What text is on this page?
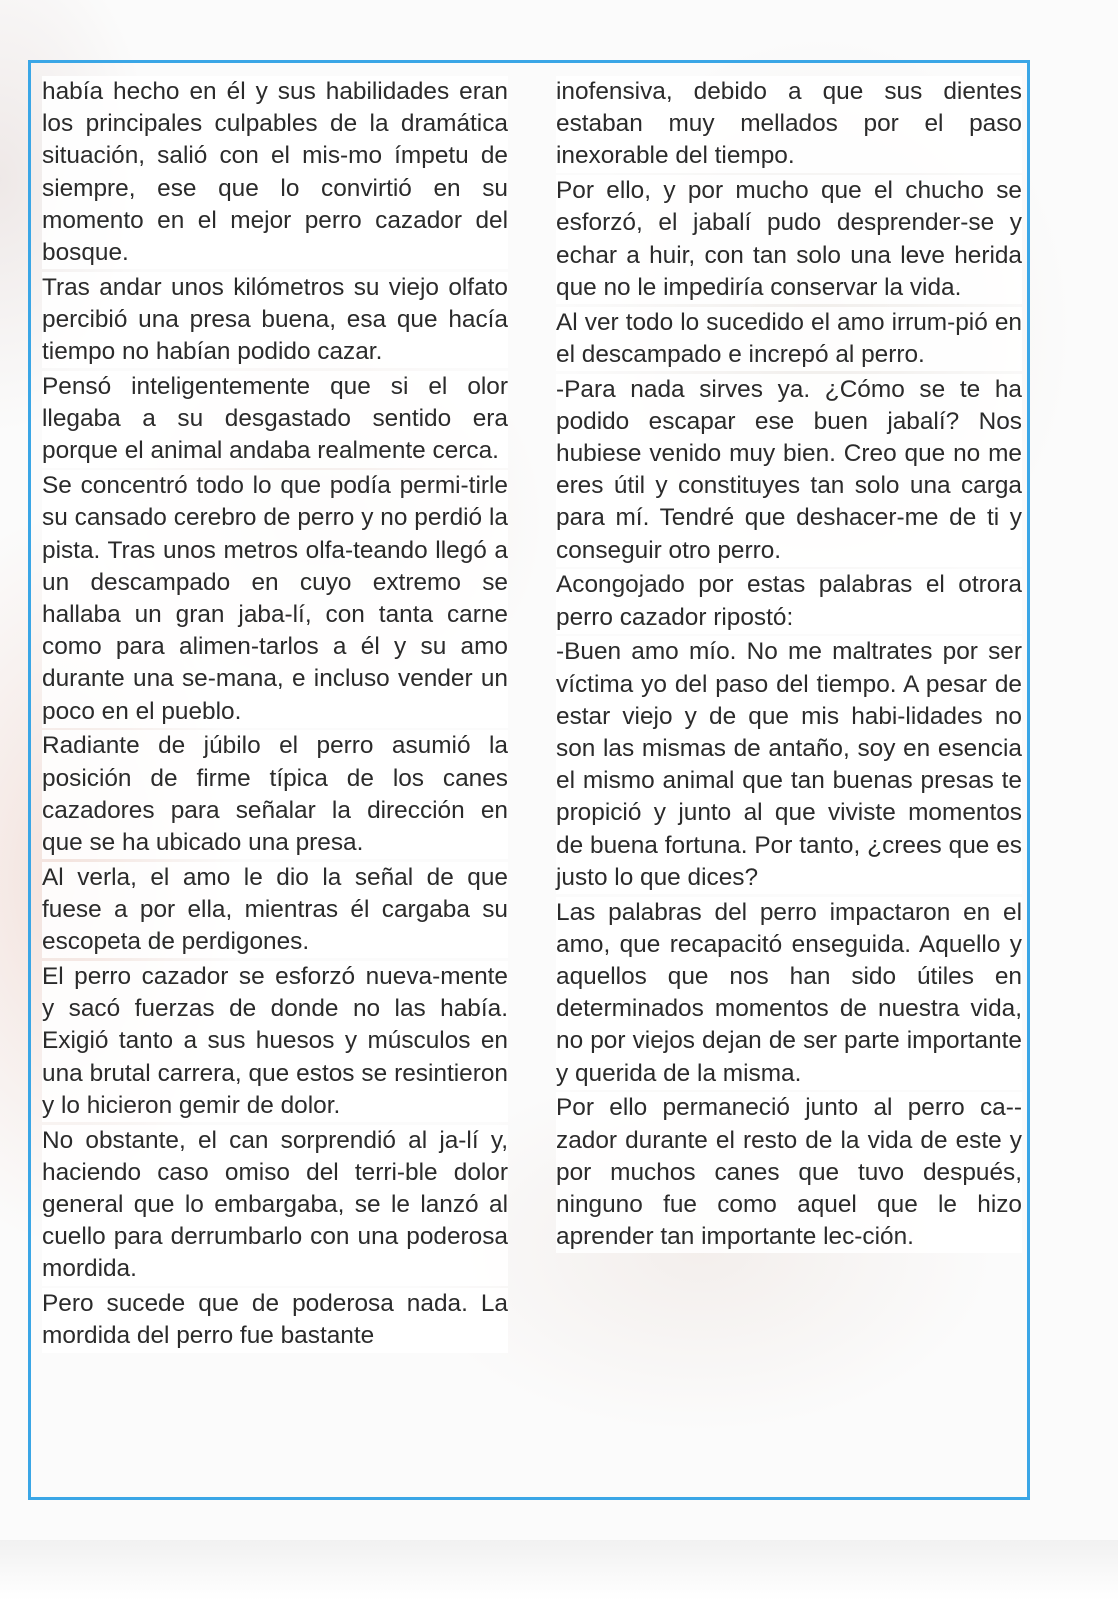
había hecho en él y sus habilidades eran los principales culpables de la dramática situación, salió con el mis-mo ímpetu de siempre, ese que lo convirtió en su momento en el mejor perro cazador del bosque.

Tras andar unos kilómetros su viejo olfato percibió una presa buena, esa que hacía tiempo no habían podido cazar.

Pensó inteligentemente que si el olor llegaba a su desgastado sentido era porque el animal andaba realmente cerca.

Se concentró todo lo que podía permi-tirle su cansado cerebro de perro y no perdió la pista. Tras unos metros olfa-teando llegó a un descampado en cuyo extremo se hallaba un gran jaba-lí, con tanta carne como para alimen-tarlos a él y su amo durante una se-mana, e incluso vender un poco en el pueblo.

Radiante de júbilo el perro asumió la posición de firme típica de los canes cazadores para señalar la dirección en que se ha ubicado una presa.

Al verla, el amo le dio la señal de que fuese a por ella, mientras él cargaba su escopeta de perdigones.

El perro cazador se esforzó nueva-mente y sacó fuerzas de donde no las había. Exigió tanto a sus huesos y músculos en una brutal carrera, que estos se resintieron y lo hicieron gemir de dolor.

No obstante, el can sorprendió al ja-lí y, haciendo caso omiso del terri-ble dolor general que lo embargaba, se le lanzó al cuello para derrumbarlo con una poderosa mordida.

Pero sucede que de poderosa nada. La mordida del perro fue bastante

inofensiva, debido a que sus dientes estaban muy mellados por el paso inexorable del tiempo.

Por ello, y por mucho que el chucho se esforzó, el jabalí pudo desprender-se y echar a huir, con tan solo una leve herida que no le impediría conservar la vida.

Al ver todo lo sucedido el amo irrum-pió en el descampado e increpó al perro.

-Para nada sirves ya. ¿Cómo se te ha podido escapar ese buen jabalí? Nos hubiese venido muy bien. Creo que no me eres útil y constituyes tan solo una carga para mí. Tendré que deshacer-me de ti y conseguir otro perro.

Acongojado por estas palabras el otrora perro cazador ripostó:

-Buen amo mío. No me maltrates por ser víctima yo del paso del tiempo. A pesar de estar viejo y de que mis habi-lidades no son las mismas de antaño, soy en esencia el mismo animal que tan buenas presas te propició y junto al que viviste momentos de buena fortuna. Por tanto, ¿crees que es justo lo que dices?

Las palabras del perro impactaron en el amo, que recapacitó enseguida. Aquello y aquellos que nos han sido útiles en determinados momentos de nuestra vida, no por viejos dejan de ser parte importante y querida de la misma.

Por ello permaneció junto al perro ca-zador durante el resto de la vida de este y por muchos canes que tuvo después, ninguno fue como aquel que le hizo aprender tan importante lec-ción.
